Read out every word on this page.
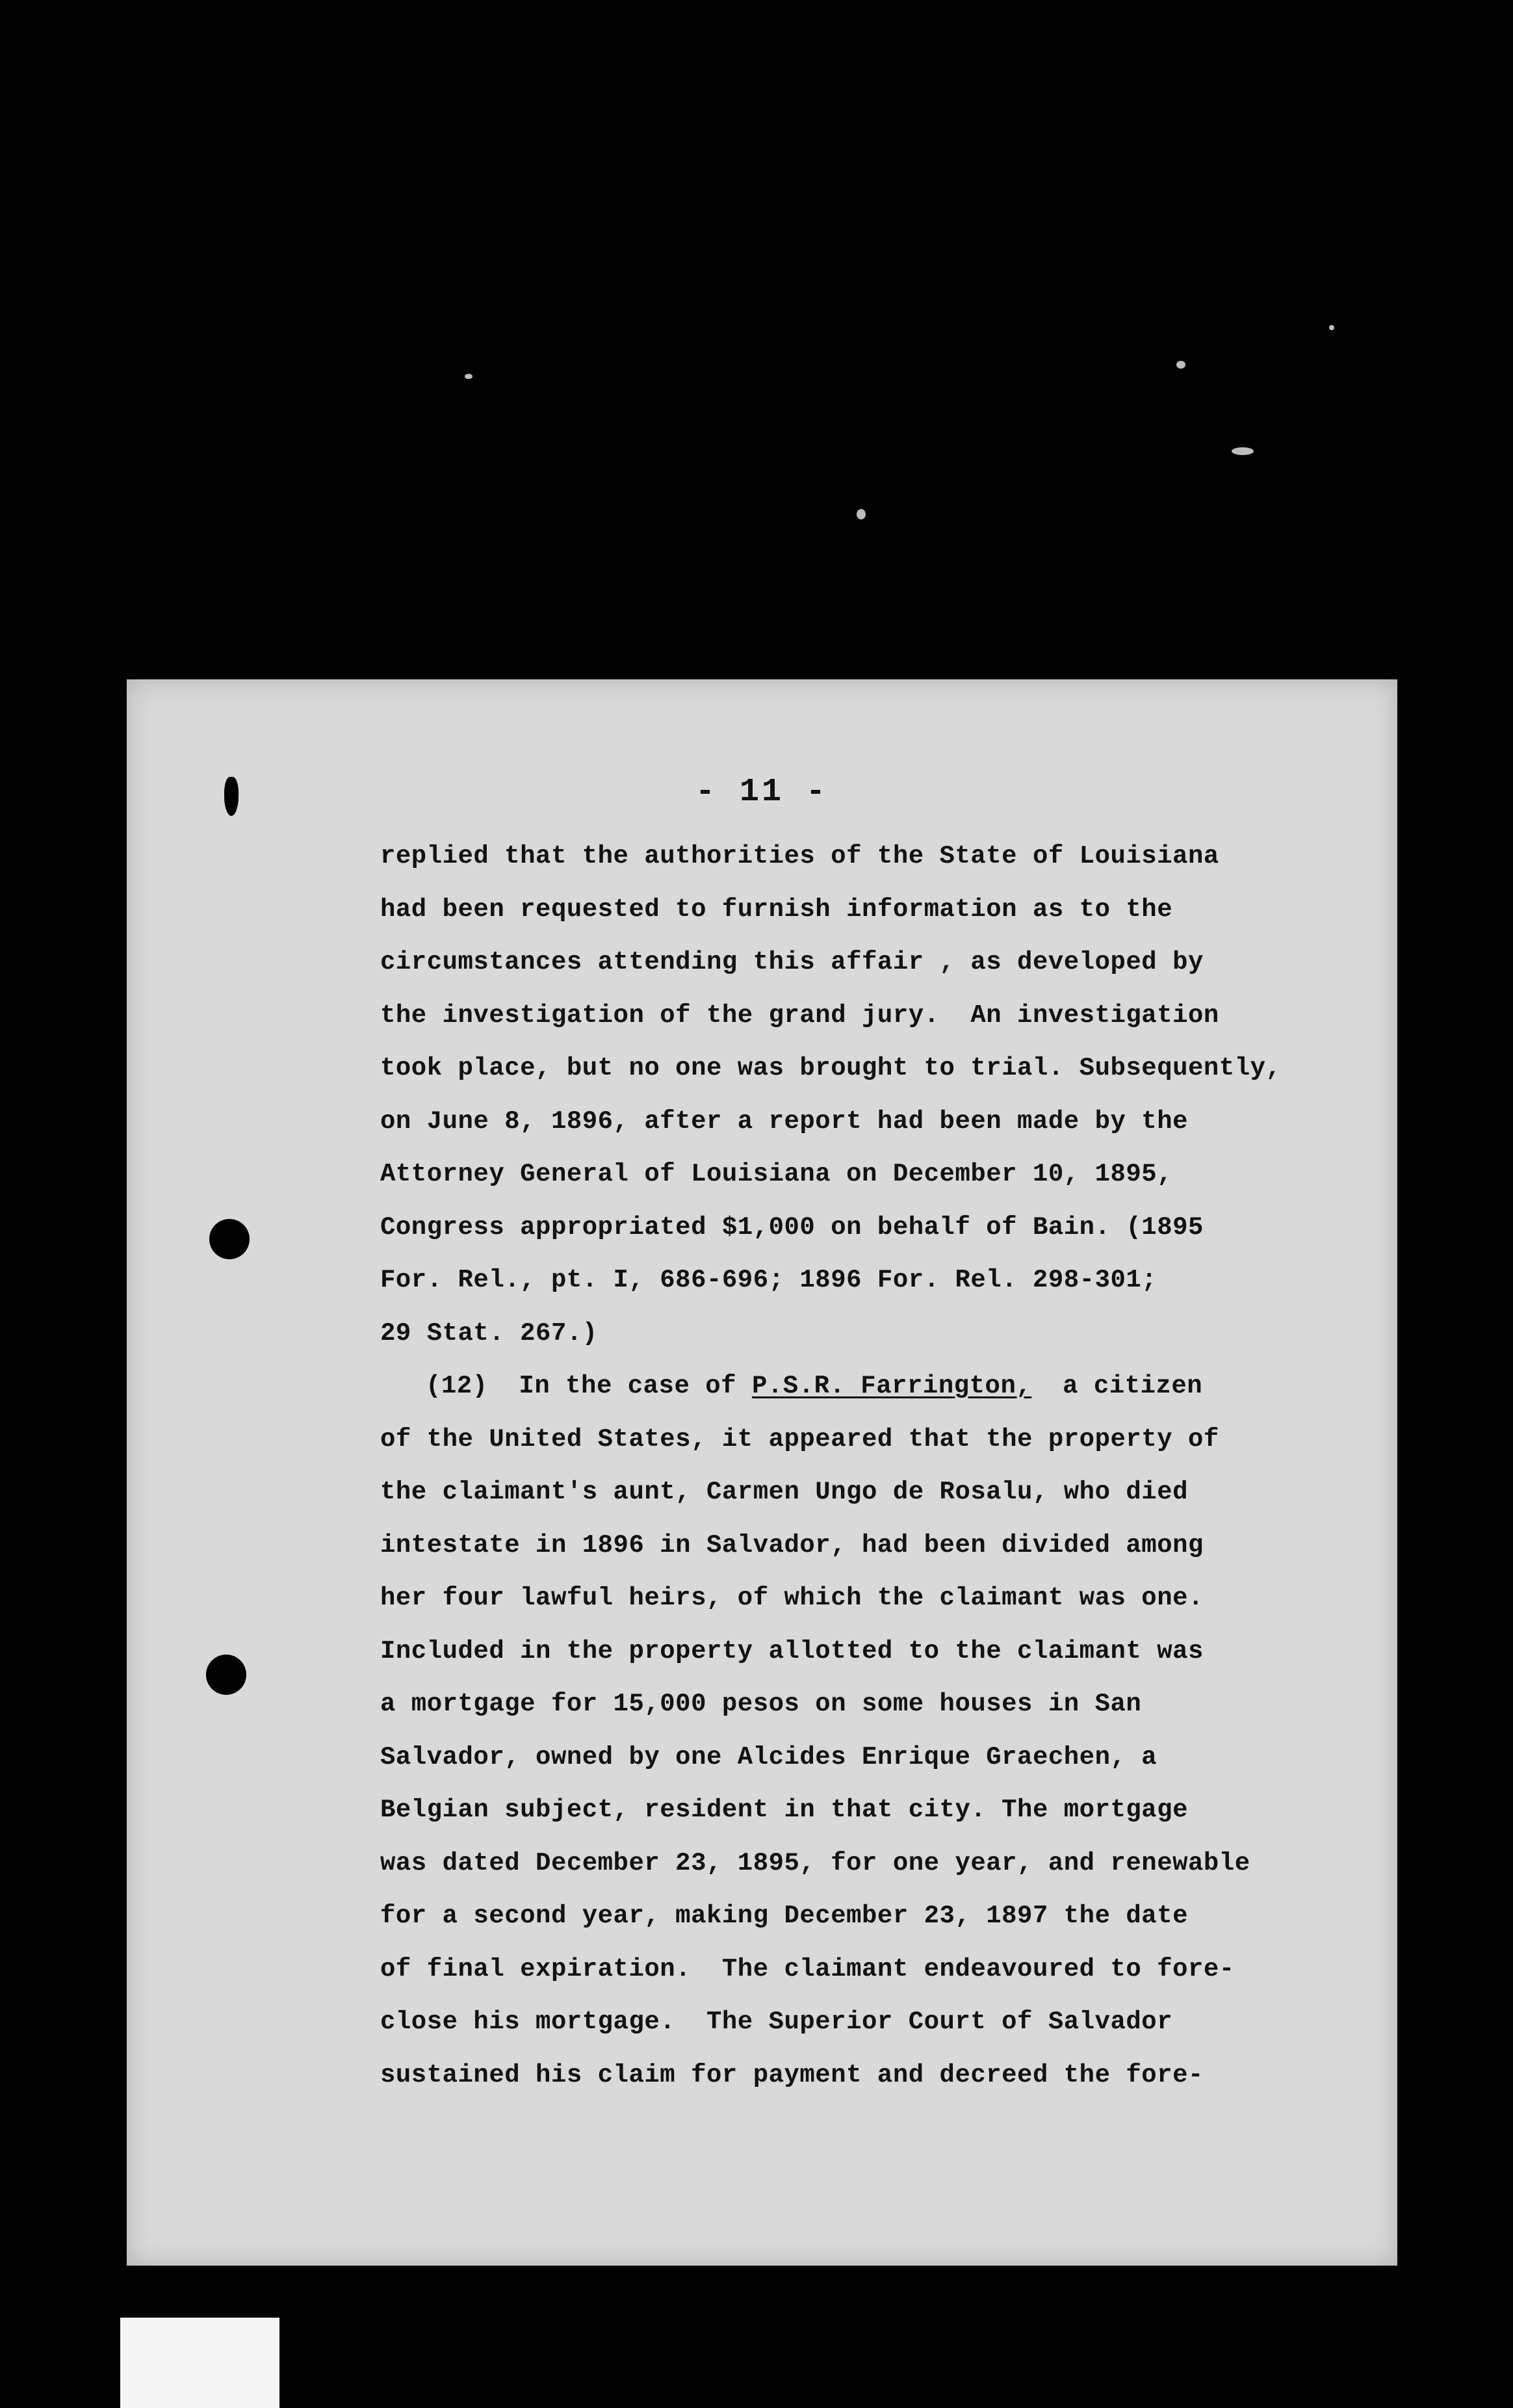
- 11 -
replied that the authorities of the State of Louisiana
had been requested to furnish information as to the
circumstances attending this affair , as developed by
the investigation of the grand jury.  An investigation
took place, but no one was brought to trial. Subsequently,
on June 8, 1896, after a report had been made by the
Attorney General of Louisiana on December 10, 1895,
Congress appropriated $1,000 on behalf of Bain. (1895
For. Rel., pt. I, 686-696; 1896 For. Rel. 298-301;
29 Stat. 267.)
(12)  In the case of P.S.R. Farrington,  a citizen
of the United States, it appeared that the property of
the claimant's aunt, Carmen Ungo de Rosalu, who died
intestate in 1896 in Salvador, had been divided among
her four lawful heirs, of which the claimant was one.
Included in the property allotted to the claimant was
a mortgage for 15,000 pesos on some houses in San
Salvador, owned by one Alcides Enrique Graechen, a
Belgian subject, resident in that city. The mortgage
was dated December 23, 1895, for one year, and renewable
for a second year, making December 23, 1897 the date
of final expiration.  The claimant endeavoured to fore-
close his mortgage.  The Superior Court of Salvador
sustained his claim for payment and decreed the fore-
